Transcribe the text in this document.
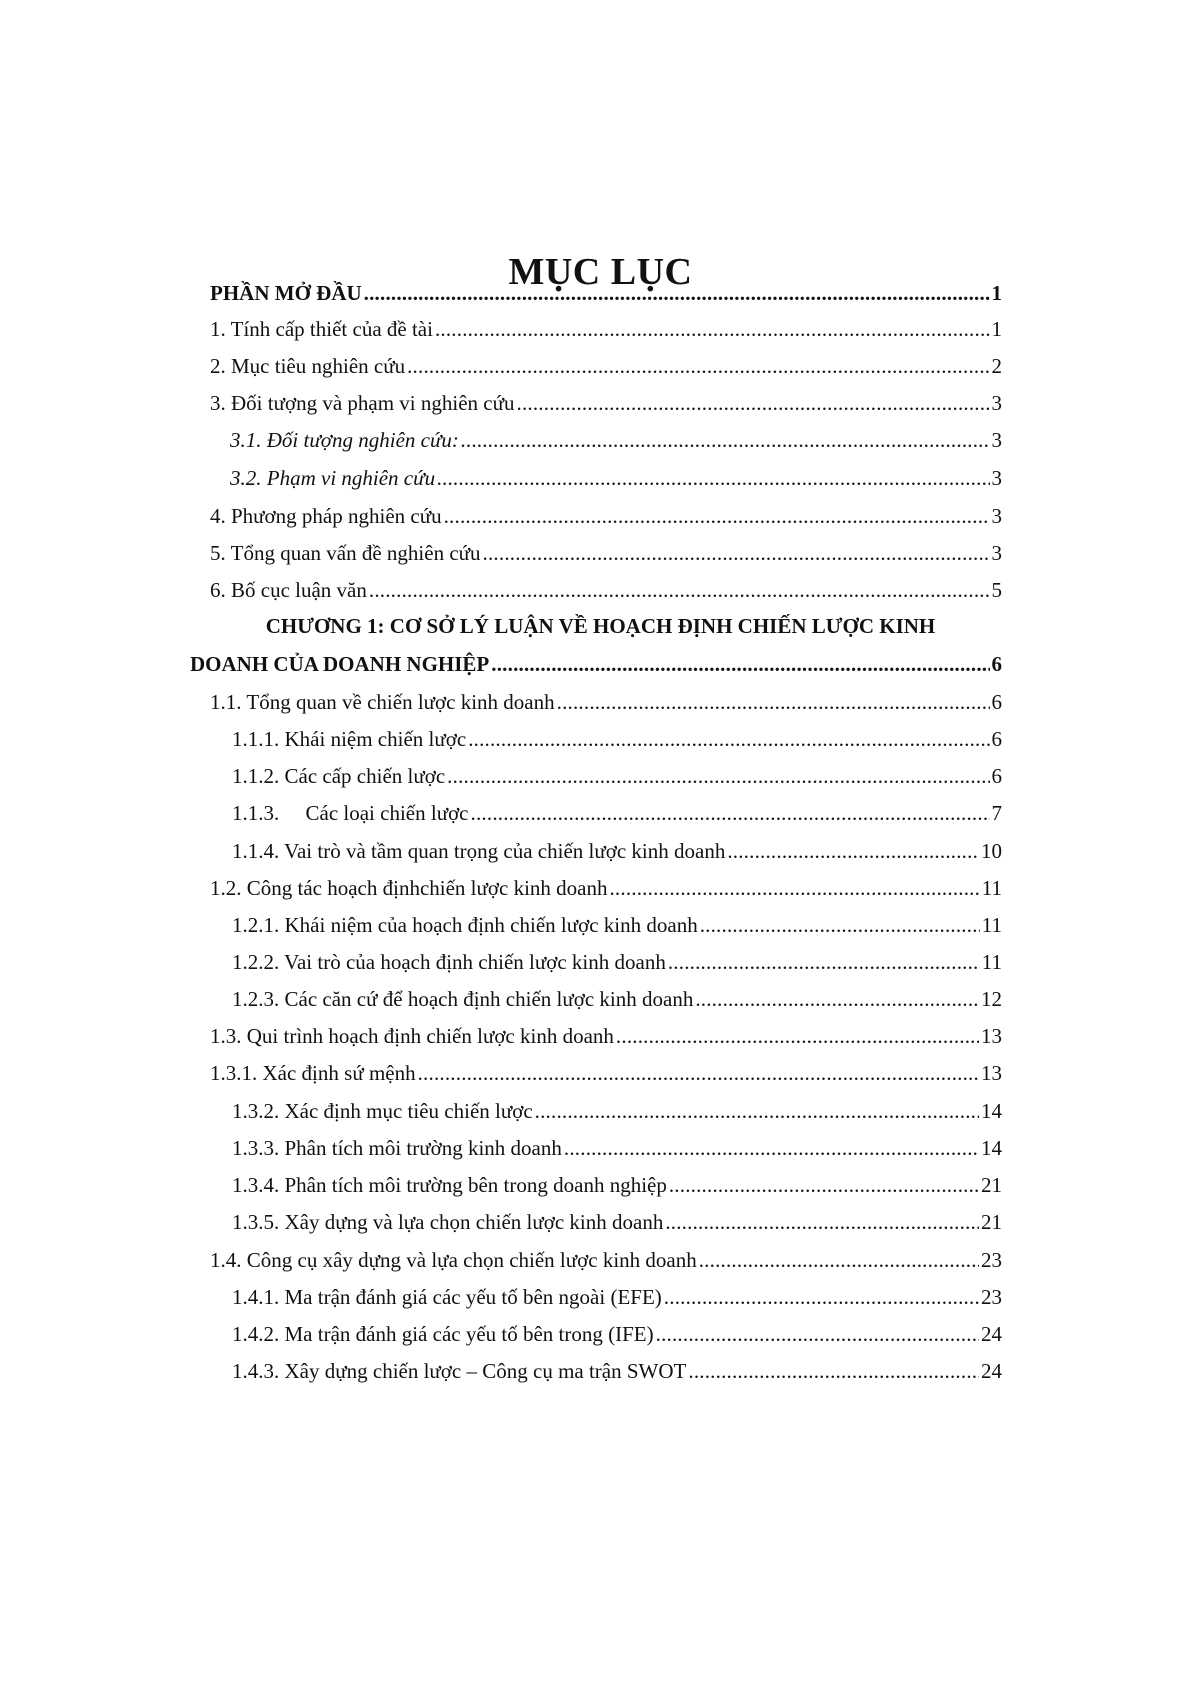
MỤC LỤC
PHẦN MỞ ĐẦU .....	1
1. Tính cấp thiết của đề tài .....	1
2. Mục tiêu nghiên cứu .....	2
3. Đối tượng và phạm vi nghiên cứu .....	3
3.1. Đối tượng nghiên cứu: .....	3
3.2. Phạm vi nghiên cứu .....	3
4. Phương pháp nghiên cứu .....	3
5. Tổng quan vấn đề nghiên cứu .....	3
6. Bố cục luận văn .....	5
CHƯƠNG 1: CƠ SỞ LÝ LUẬN VỀ HOẠCH ĐỊNH CHIẾN LƯỢC KINH
DOANH CỦA DOANH NGHIỆP .....	6
1.1. Tổng quan về chiến lược kinh doanh .....	6
1.1.1. Khái niệm chiến lược .....	6
1.1.2. Các cấp chiến lược .....	6
1.1.3.     Các loại chiến lược .....	7
1.1.4. Vai trò và tầm quan trọng của chiến lược kinh doanh .....	10
1.2. Công tác hoạch địnhchiến lược kinh doanh .....	11
1.2.1. Khái niệm của hoạch định chiến lược kinh doanh .....	11
1.2.2. Vai trò của hoạch định chiến lược kinh doanh .....	11
1.2.3. Các căn cứ để hoạch định chiến lược kinh doanh .....	12
1.3. Qui trình hoạch định chiến lược kinh doanh .....	13
1.3.1. Xác định sứ mệnh .....	13
1.3.2. Xác định mục tiêu chiến lược .....	14
1.3.3. Phân tích môi trường kinh doanh .....	14
1.3.4. Phân tích môi trường bên trong doanh nghiệp .....	21
1.3.5. Xây dựng và lựa chọn chiến lược kinh doanh .....	21
1.4. Công cụ xây dựng và lựa chọn chiến lược kinh doanh .....	23
1.4.1. Ma trận đánh giá các yếu tố bên ngoài (EFE) .....	23
1.4.2. Ma trận đánh giá các yếu tố bên trong (IFE) .....	24
1.4.3. Xây dựng chiến lược – Công cụ ma trận SWOT .....	24
